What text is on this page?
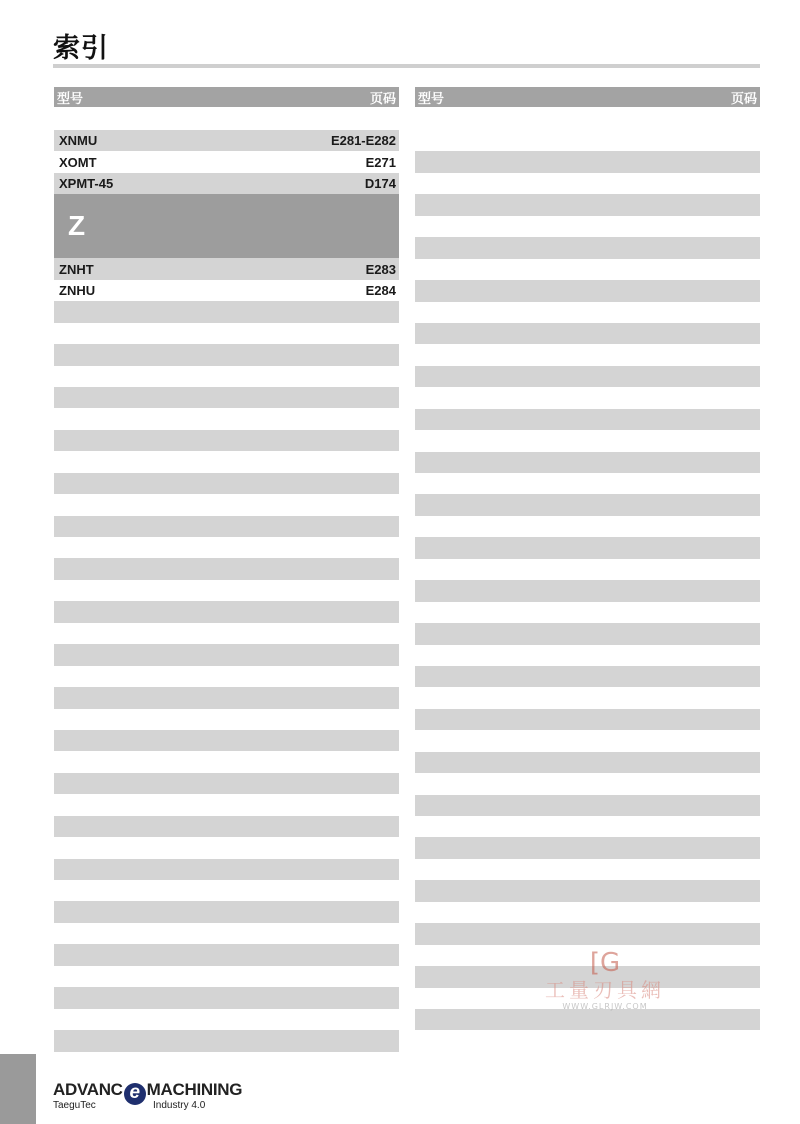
索引
型号	页码
XNMU	E281-E282
XOMT	E271
XPMT-45	D174
Z
ZNHT	E283
ZNHU	E284
型号	页码
ADVANC e MACHINING
TaeguTec	Industry 4.0
[G
工量刃具網
WWW.GLRJW.COM
